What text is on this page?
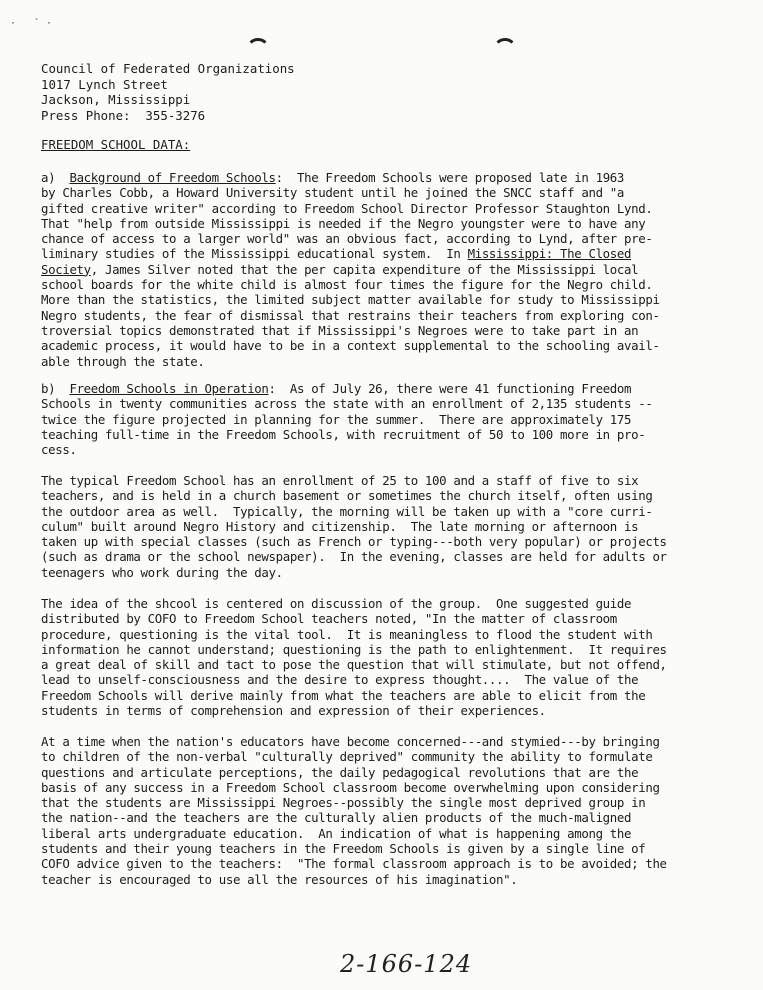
· `·
Council of Federated Organizations
1017 Lynch Street
Jackson, Mississippi
Press Phone:  355-3276
FREEDOM SCHOOL DATA:
a)  Background of Freedom Schools:  The Freedom Schools were proposed late in 1963
by Charles Cobb, a Howard University student until he joined the SNCC staff and "a
gifted creative writer" according to Freedom School Director Professor Staughton Lynd.
That "help from outside Mississippi is needed if the Negro youngster were to have any
chance of access to a larger world" was an obvious fact, according to Lynd, after pre-
liminary studies of the Mississippi educational system.  In Mississippi: The Closed
Society, James Silver noted that the per capita expenditure of the Mississippi local
school boards for the white child is almost four times the figure for the Negro child.
More than the statistics, the limited subject matter available for study to Mississippi
Negro students, the fear of dismissal that restrains their teachers from exploring con-
troversial topics demonstrated that if Mississippi's Negroes were to take part in an
academic process, it would have to be in a context supplemental to the schooling avail-
able through the state.
b)  Freedom Schools in Operation:  As of July 26, there were 41 functioning Freedom
Schools in twenty communities across the state with an enrollment of 2,135 students --
twice the figure projected in planning for the summer.  There are approximately 175
teaching full-time in the Freedom Schools, with recruitment of 50 to 100 more in pro-
cess.
The typical Freedom School has an enrollment of 25 to 100 and a staff of five to six
teachers, and is held in a church basement or sometimes the church itself, often using
the outdoor area as well.  Typically, the morning will be taken up with a "core curri-
culum" built around Negro History and citizenship.  The late morning or afternoon is
taken up with special classes (such as French or typing---both very popular) or projects
(such as drama or the school newspaper).  In the evening, classes are held for adults or
teenagers who work during the day.
The idea of the shcool is centered on discussion of the group.  One suggested guide
distributed by COFO to Freedom School teachers noted, "In the matter of classroom
procedure, questioning is the vital tool.  It is meaningless to flood the student with
information he cannot understand; questioning is the path to enlightenment.  It requires
a great deal of skill and tact to pose the question that will stimulate, but not offend,
lead to unself-consciousness and the desire to express thought....  The value of the
Freedom Schools will derive mainly from what the teachers are able to elicit from the
students in terms of comprehension and expression of their experiences.
At a time when the nation's educators have become concerned---and stymied---by bringing
to children of the non-verbal "culturally deprived" community the ability to formulate
questions and articulate perceptions, the daily pedagogical revolutions that are the
basis of any success in a Freedom School classroom become overwhelming upon considering
that the students are Mississippi Negroes--possibly the single most deprived group in
the nation--and the teachers are the culturally alien products of the much-maligned
liberal arts undergraduate education.  An indication of what is happening among the
students and their young teachers in the Freedom Schools is given by a single line of
COFO advice given to the teachers:  "The formal classroom approach is to be avoided; the
teacher is encouraged to use all the resources of his imagination".
2-166-124
